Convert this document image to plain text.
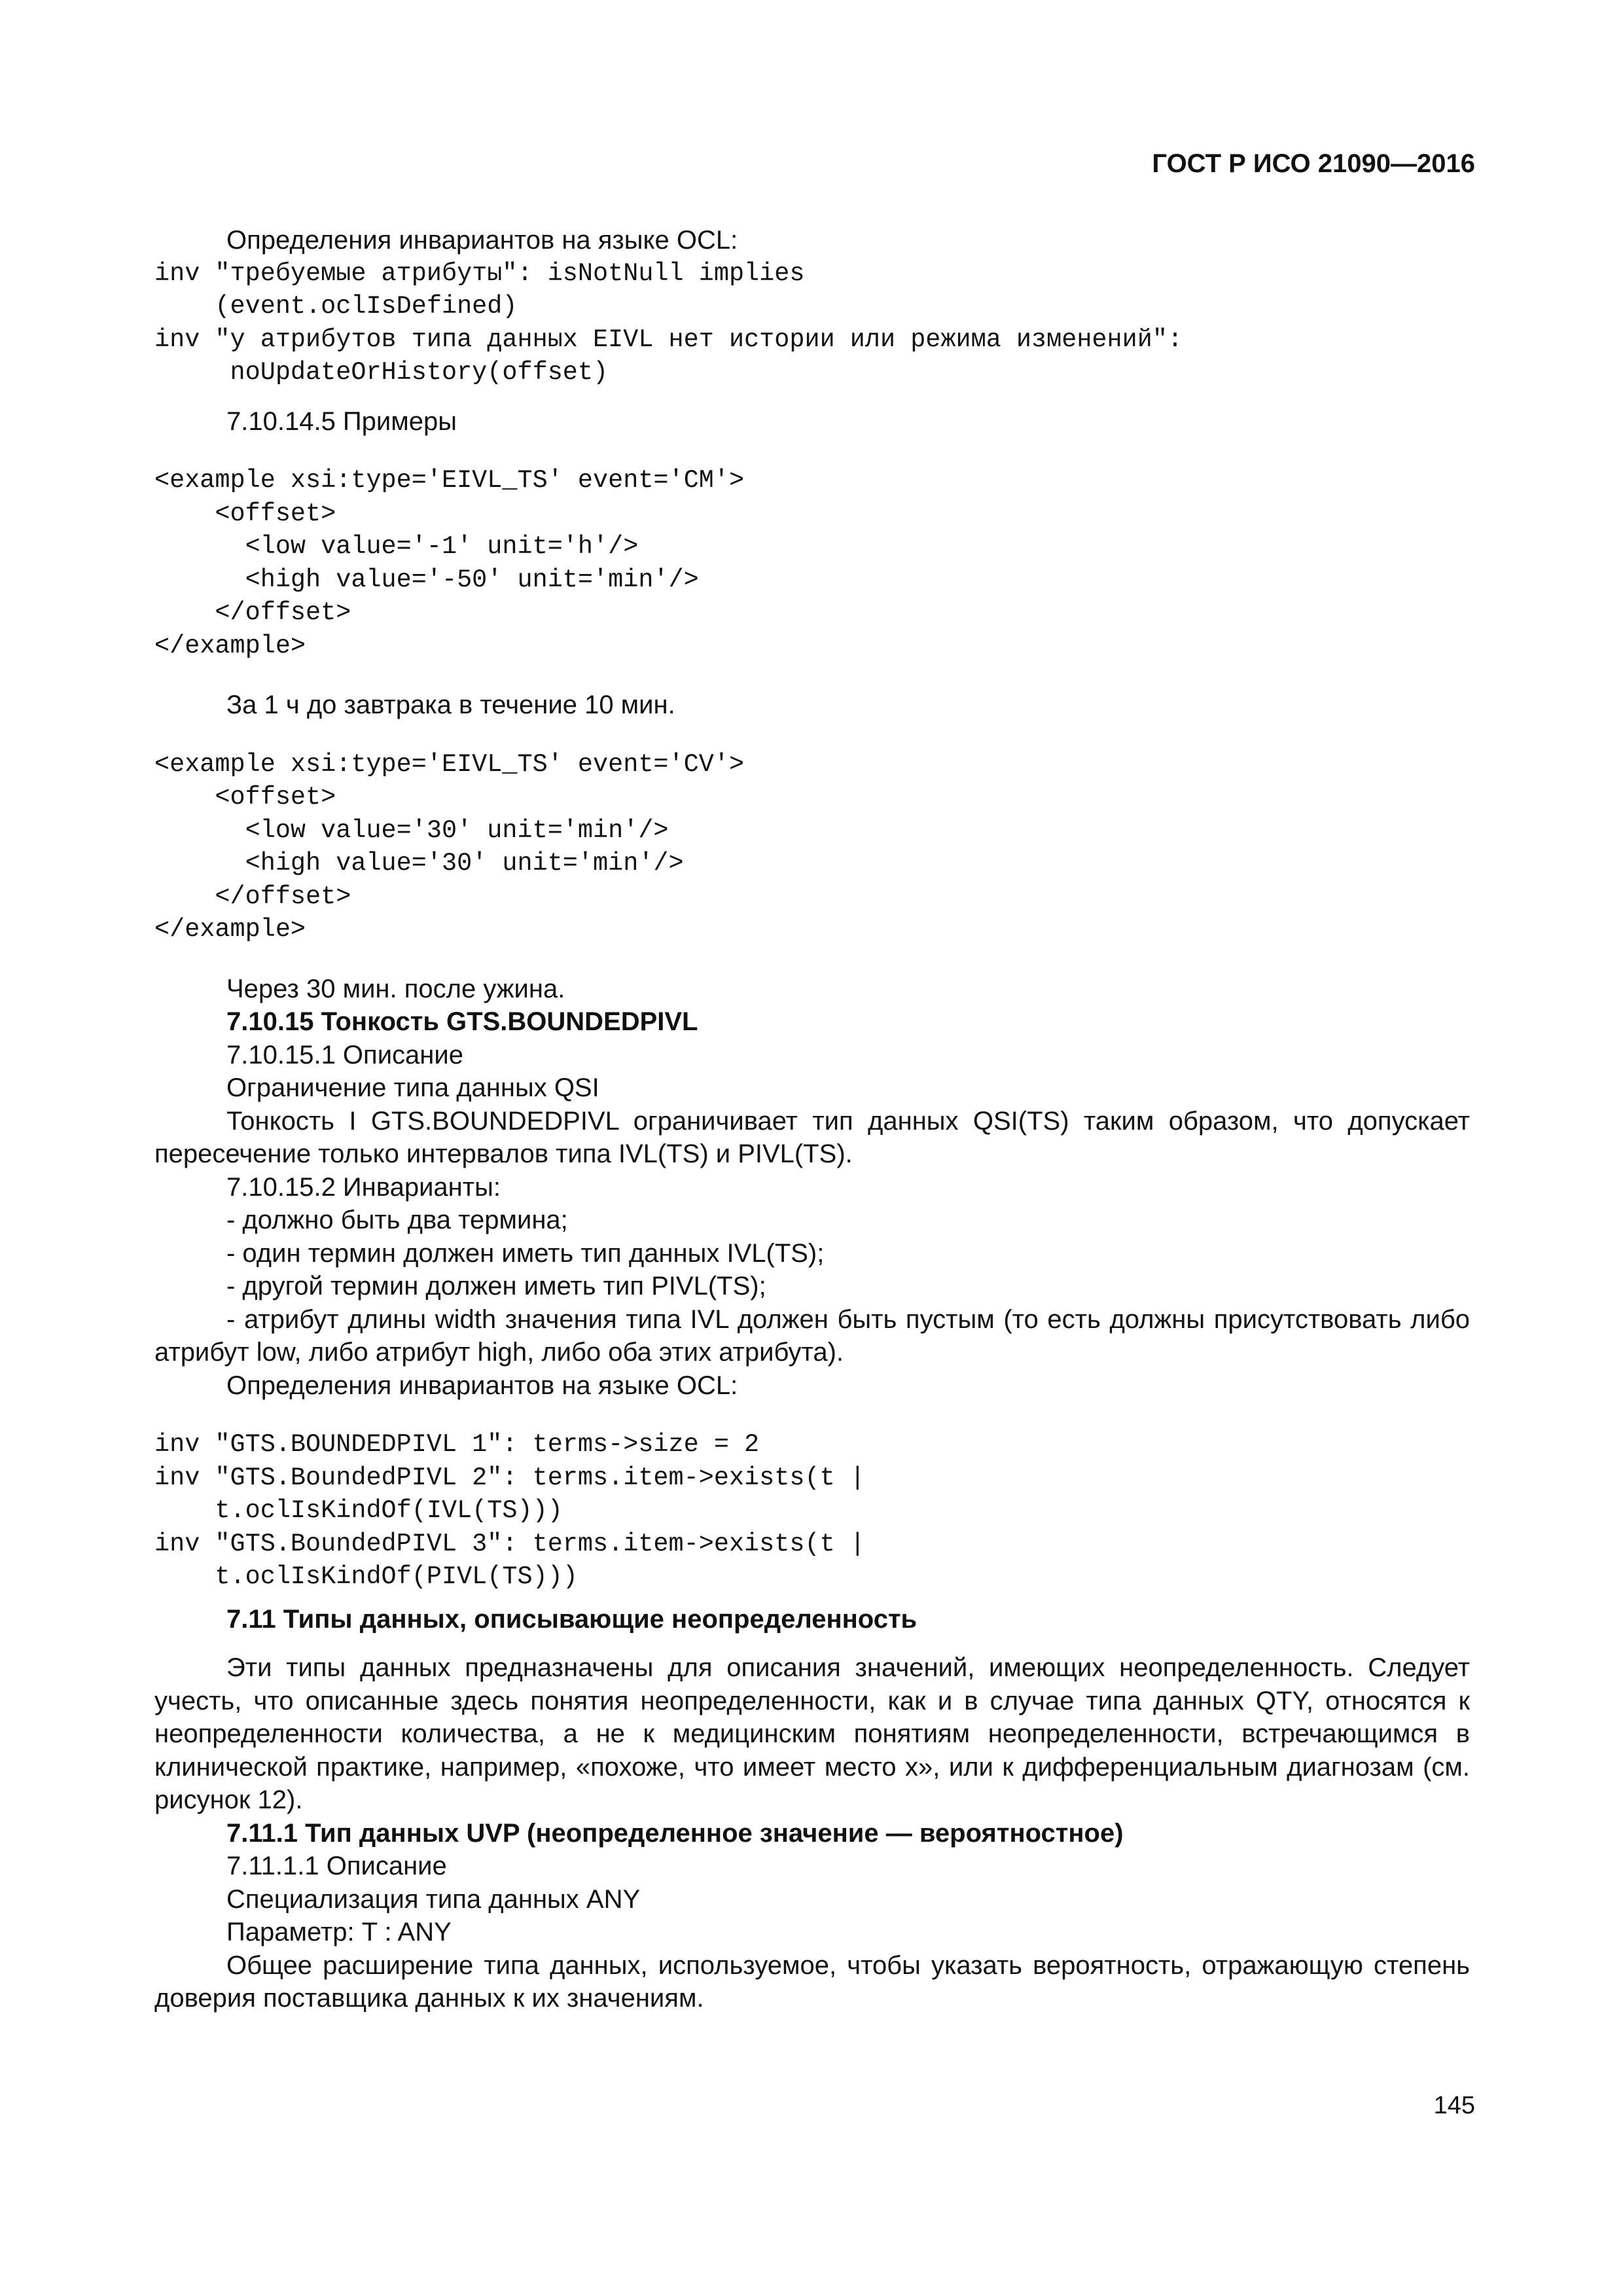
ГОСТ Р ИСО 21090—2016

Определения инвариантов на языке OCL:

inv "требуемые атрибуты": isNotNull implies
(event.oclIsDefined)
inv "у атрибутов типа данных EIVL нет истории или режима изменений":
noUpdateOrHistory(offset)

7.10.14.5 Примеры

<example xsi:type='EIVL_TS' event='CM'>
<offset>
<low value='-1' unit='h'/>
<high value='-50' unit='min'/>
</offset>
</example>

За 1 ч до завтрака в течение 10 мин.

<example xsi:type='EIVL_TS' event='CV'>
<offset>
<low value='30' unit='min'/>
<high value='30' unit='min'/>
</offset>
</example>

Через 30 мин. после ужина.

7.10.15 Тонкость GTS.BOUNDEDPIVL

7.10.15.1 Описание

Ограничение типа данных QSI

Тонкость I GTS.BOUNDEDPIVL ограничивает тип данных QSI(TS) таким образом, что допускает пересечение только интервалов типа IVL(TS) и PIVL(TS).

7.10.15.2 Инварианты:

- должно быть два термина;

- один термин должен иметь тип данных IVL(TS);

- другой термин должен иметь тип PIVL(TS);

- атрибут длины width значения типа IVL должен быть пустым (то есть должны присутствовать либо атрибут low, либо атрибут high, либо оба этих атрибута).

Определения инвариантов на языке OCL:

inv "GTS.BOUNDEDPIVL 1": terms->size = 2
inv "GTS.BoundedPIVL 2": terms.item->exists(t |
t.oclIsKindOf(IVL(TS)))
inv "GTS.BoundedPIVL 3": terms.item->exists(t |
t.oclIsKindOf(PIVL(TS)))

7.11 Типы данных, описывающие неопределенность

Эти типы данных предназначены для описания значений, имеющих неопределенность. Следует учесть, что описанные здесь понятия неопределенности, как и в случае типа данных QTY, относятся к неопределенности количества, а не к медицинским понятиям неопределенности, встречающимся в клинической практике, например, «похоже, что имеет место х», или к дифференциальным диагнозам (см. рисунок 12).

7.11.1 Тип данных UVP (неопределенное значение — вероятностное)

7.11.1.1 Описание

Специализация типа данных ANY

Параметр: T : ANY

Общее расширение типа данных, используемое, чтобы указать вероятность, отражающую степень доверия поставщика данных к их значениям.

145
